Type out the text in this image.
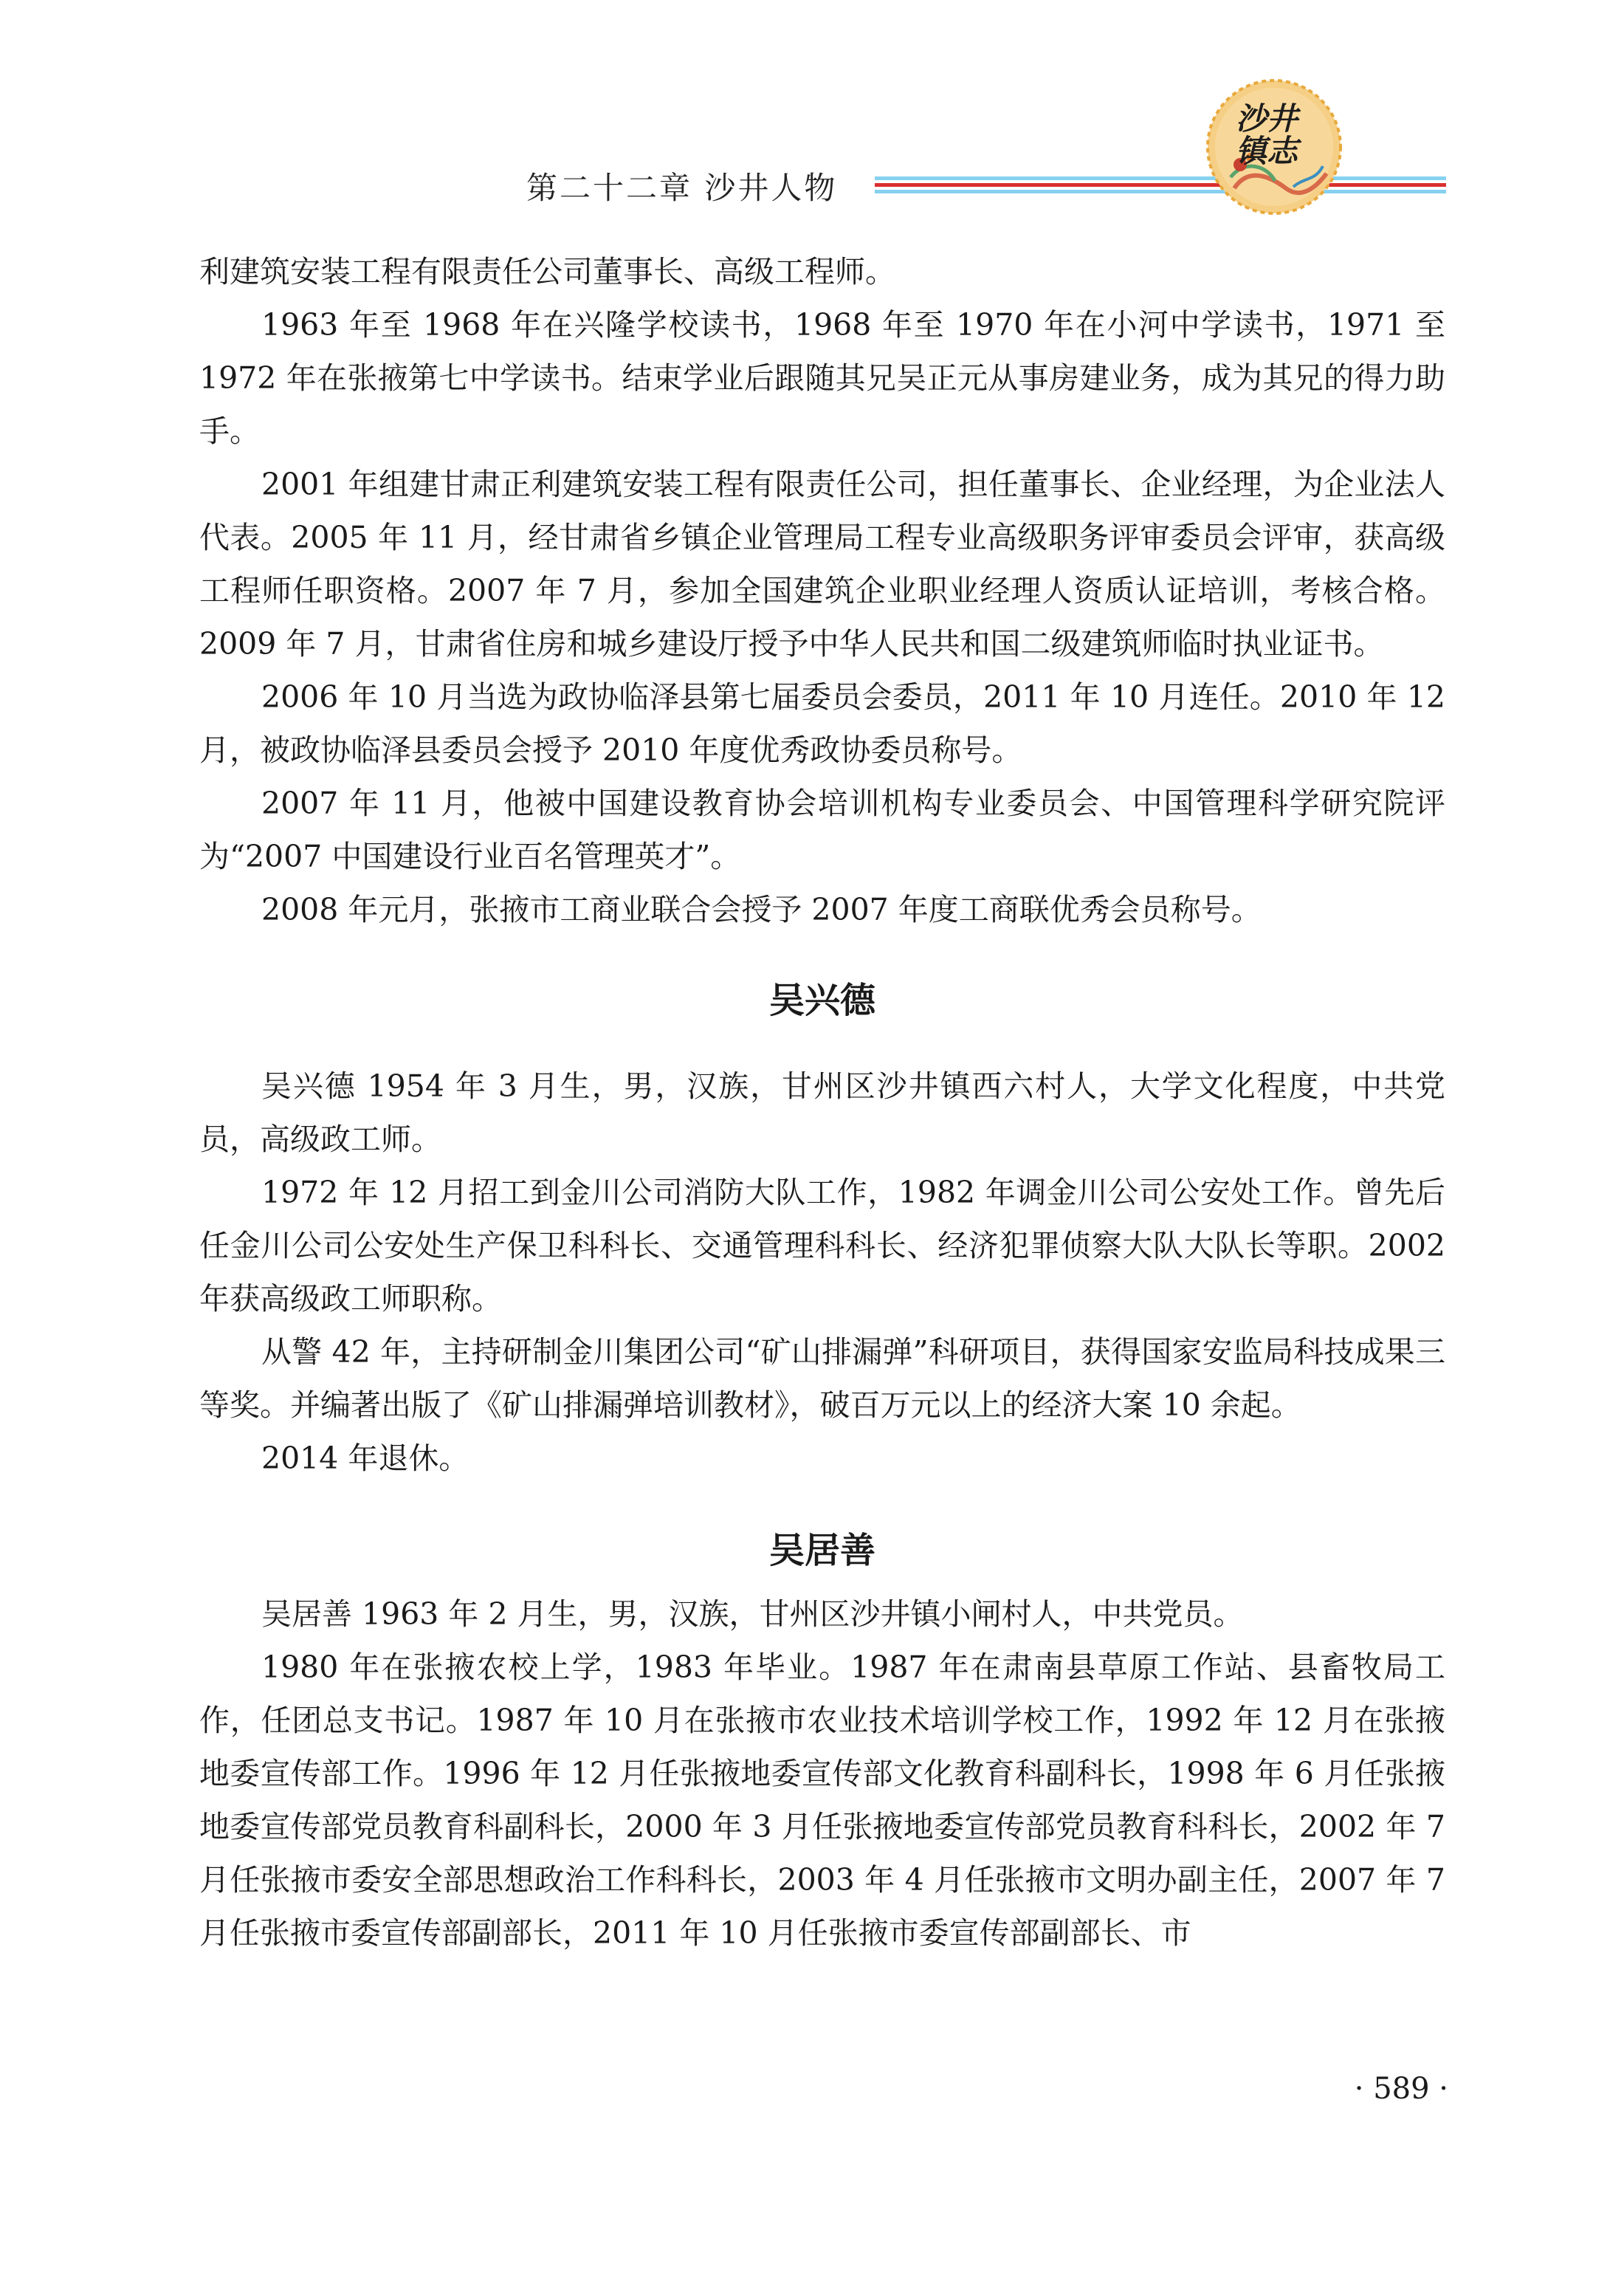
第二十二章 沙井人物
沙井
镇志

利建筑安装工程有限责任公司董事长、高级工程师。

1963 年至 1968 年在兴隆学校读书，1968 年至 1970 年在小河中学读书，1971 至 1972 年在张掖第七中学读书。结束学业后跟随其兄吴正元从事房建业务，成为其兄的得力助手。

2001 年组建甘肃正利建筑安装工程有限责任公司，担任董事长、企业经理，为企业法人代表。2005 年 11 月，经甘肃省乡镇企业管理局工程专业高级职务评审委员会评审，获高级工程师任职资格。2007 年 7 月，参加全国建筑企业职业经理人资质认证培训，考核合格。2009 年 7 月，甘肃省住房和城乡建设厅授予中华人民共和国二级建筑师临时执业证书。

2006 年 10 月当选为政协临泽县第七届委员会委员，2011 年 10 月连任。2010 年 12 月，被政协临泽县委员会授予 2010 年度优秀政协委员称号。

2007 年 11 月，他被中国建设教育协会培训机构专业委员会、中国管理科学研究院评为“2007 中国建设行业百名管理英才”。

2008 年元月，张掖市工商业联合会授予 2007 年度工商联优秀会员称号。

吴兴德

吴兴德 1954 年 3 月生，男，汉族，甘州区沙井镇西六村人，大学文化程度，中共党员，高级政工师。

1972 年 12 月招工到金川公司消防大队工作，1982 年调金川公司公安处工作。曾先后任金川公司公安处生产保卫科科长、交通管理科科长、经济犯罪侦察大队大队长等职。2002 年获高级政工师职称。

从警 42 年，主持研制金川集团公司“矿山排漏弹”科研项目，获得国家安监局科技成果三等奖。并编著出版了《矿山排漏弹培训教材》，破百万元以上的经济大案 10 余起。

2014 年退休。

吴居善

吴居善 1963 年 2 月生，男，汉族，甘州区沙井镇小闸村人，中共党员。

1980 年在张掖农校上学，1983 年毕业。1987 年在肃南县草原工作站、县畜牧局工作，任团总支书记。1987 年 10 月在张掖市农业技术培训学校工作，1992 年 12 月在张掖地委宣传部工作。1996 年 12 月任张掖地委宣传部文化教育科副科长，1998 年 6 月任张掖地委宣传部党员教育科副科长，2000 年 3 月任张掖地委宣传部党员教育科科长，2002 年 7 月任张掖市委安全部思想政治工作科科长，2003 年 4 月任张掖市文明办副主任，2007 年 7 月任张掖市委宣传部副部长，2011 年 10 月任张掖市委宣传部副部长、市

· 589 ·
